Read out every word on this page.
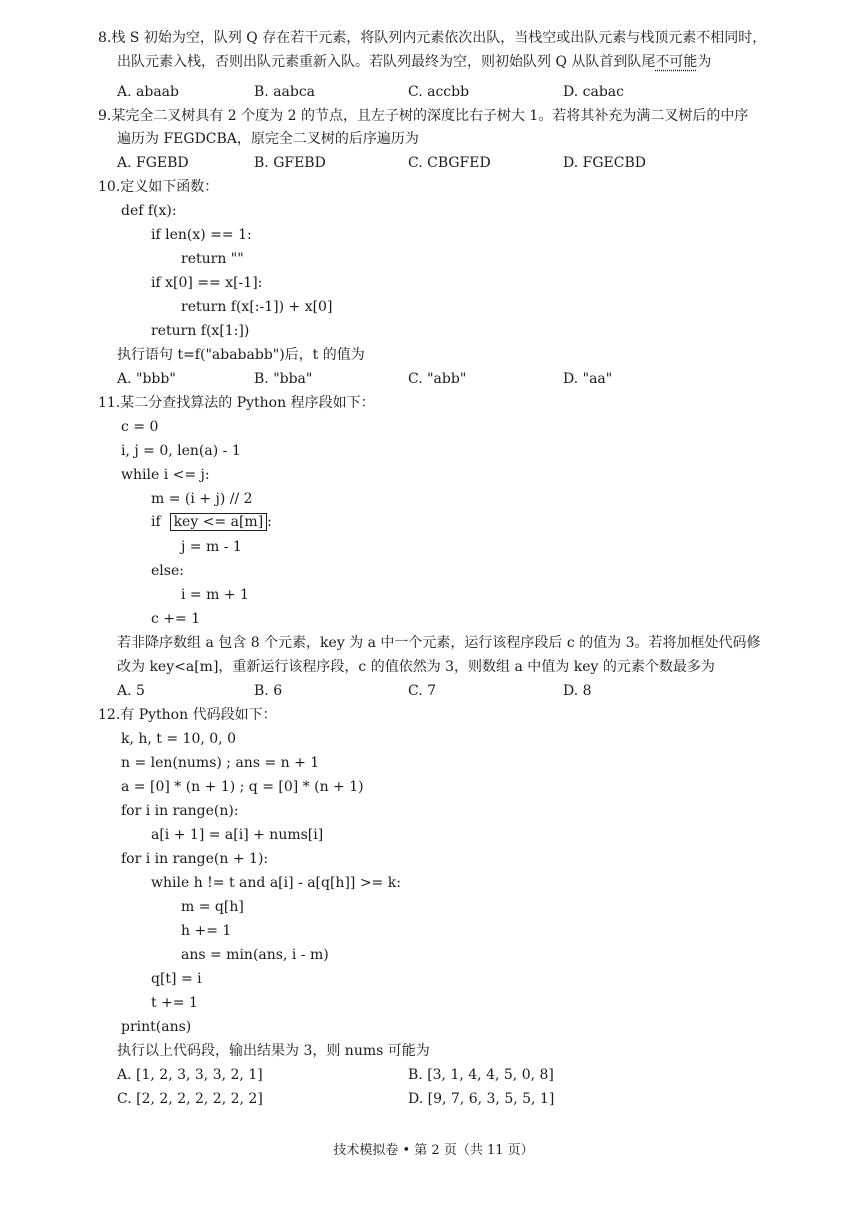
8.栈 S 初始为空，队列 Q 存在若干元素，将队列内元素依次出队，当栈空或出队元素与栈顶元素不相同时，
出队元素入栈，否则出队元素重新入队。若队列最终为空，则初始队列 Q 从队首到队尾不可能为
A. abaab	B. aabca	C. accbb	D. cabac
9.某完全二叉树具有 2 个度为 2 的节点，且左子树的深度比右子树大 1。若将其补充为满二叉树后的中序
遍历为 FEGDCBA，原完全二叉树的后序遍历为
A. FGEBD	B. GFEBD	C. CBGFED	D. FGECBD
10.定义如下函数：
def f(x):
if len(x) == 1:
return ""
if x[0] == x[-1]:
return f(x[:-1]) + x[0]
return f(x[1:])
执行语句 t=f("abababb")后，t 的值为
A. "bbb"	B. "bba"	C. "abb"	D. "aa"
11.某二分查找算法的 Python 程序段如下：
c = 0
i, j = 0, len(a) - 1
while i <= j:
m = (i + j) // 2
if key <= a[m] :
j = m - 1
else:
i = m + 1
c += 1
若非降序数组 a 包含 8 个元素，key 为 a 中一个元素，运行该程序段后 c 的值为 3。若将加框处代码修
改为 key<a[m]，重新运行该程序段，c 的值依然为 3，则数组 a 中值为 key 的元素个数最多为
A. 5	B. 6	C. 7	D. 8
12.有 Python 代码段如下：
k, h, t = 10, 0, 0
n = len(nums) ; ans = n + 1
a = [0] * (n + 1) ; q = [0] * (n + 1)
for i in range(n):
a[i + 1] = a[i] + nums[i]
for i in range(n + 1):
while h != t and a[i] - a[q[h]] >= k:
m = q[h]
h += 1
ans = min(ans, i - m)
q[t] = i
t += 1
print(ans)
执行以上代码段，输出结果为 3，则 nums 可能为
A. [1, 2, 3, 3, 3, 2, 1]	B. [3, 1, 4, 4, 5, 0, 8]
C. [2, 2, 2, 2, 2, 2, 2]	D. [9, 7, 6, 3, 5, 5, 1]
技术模拟卷 • 第 2 页（共 11 页）
